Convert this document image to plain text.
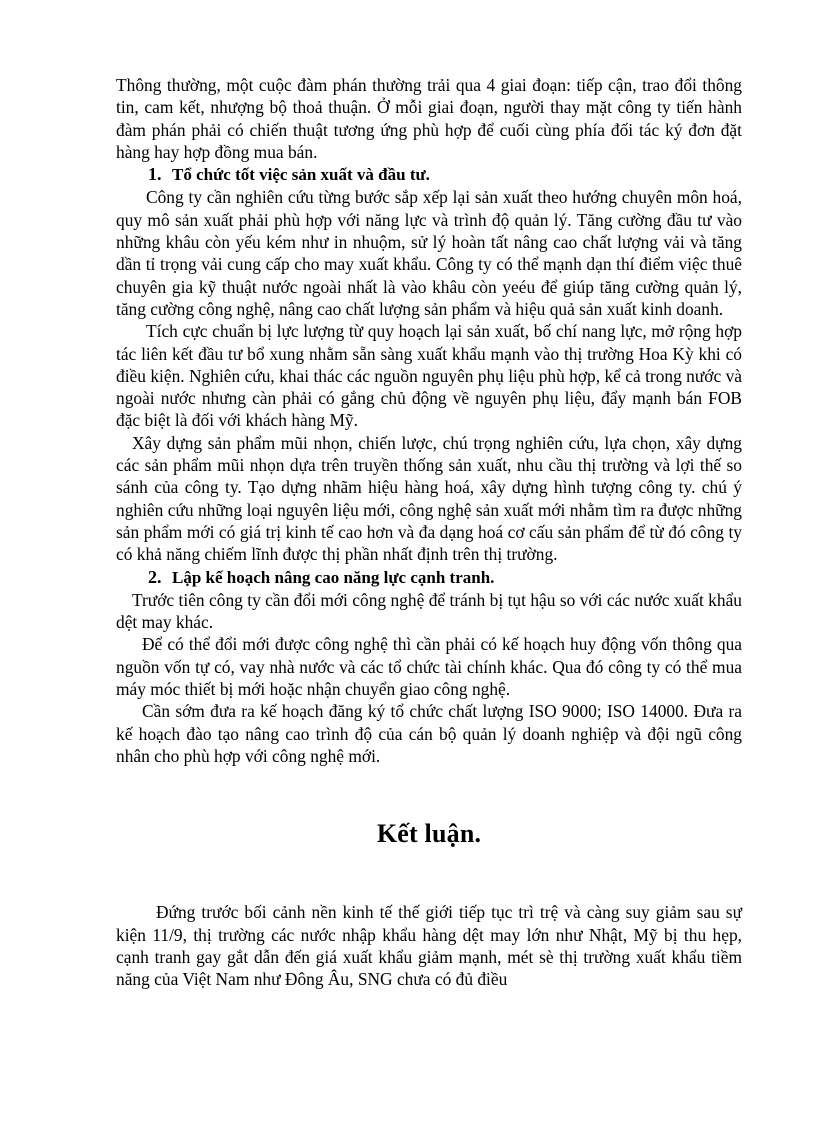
Thông thường, một cuộc đàm phán thường trải qua 4 giai đoạn: tiếp cận, trao đổi thông tin, cam kết, nhượng bộ thoả thuận. Ở mỗi giai đoạn, người thay mặt công ty tiến hành đàm phán phải có chiến thuật tương ứng phù hợp để cuối cùng phía đối tác ký đơn đặt hàng hay hợp đồng mua bán.

1. Tổ chức tốt việc sản xuất và đầu tư.

Công ty cần nghiên cứu từng bước sắp xếp lại sản xuất theo hướng chuyên môn hoá, quy mô sản xuất phải phù hợp với năng lực và trình độ quản lý. Tăng cường đầu tư vào những khâu còn yếu kém như in nhuộm, sử lý hoàn tất nâng cao chất lượng vải và tăng dần tỉ trọng vải cung cấp cho may xuất khẩu. Công ty có thể mạnh dạn thí điểm việc thuê chuyên gia kỹ thuật nước ngoài nhất là vào khâu còn yeéu để giúp tăng cường quản lý, tăng cường công nghệ, nâng cao chất lượng sản phẩm và hiệu quả sản xuất kinh doanh.

Tích cực chuẩn bị lực lượng từ quy hoạch lại sản xuất, bố chí nang lực, mở rộng hợp tác liên kết đầu tư bổ xung nhằm sẵn sàng xuất khẩu mạnh vào thị trường Hoa Kỳ khi có điều kiện. Nghiên cứu, khai thác các nguồn nguyên phụ liệu phù hợp, kể cả trong nước và ngoài nước nhưng càn phải có gắng chủ động về nguyên phụ liệu, đẩy mạnh bán FOB đặc biệt là đối với khách hàng Mỹ.

Xây dựng sản phẩm mũi nhọn, chiến lược, chú trọng nghiên cứu, lựa chọn, xây dựng các sản phẩm mũi nhọn dựa trên truyền thống sản xuất, nhu cầu thị trường và lợi thế so sánh của công ty. Tạo dựng nhãm hiệu hàng hoá, xây dựng hình tượng công ty. chú ý nghiên cứu những loại nguyên liệu mới, công nghệ sản xuất mới nhằm tìm ra được những sản phẩm mới có giá trị kinh tế cao hơn và đa dạng hoá cơ cấu sản phẩm để từ đó công ty có khả năng chiếm lĩnh được thị phần nhất định trên thị trường.

2. Lập kế hoạch nâng cao năng lực cạnh tranh.

Trước tiên công ty cần đổi mới công nghệ để tránh bị tụt hậu so với các nước xuất khẩu dệt may khác.

Để có thể đổi mới được công nghệ thì cần phải có kế hoạch huy động vốn thông qua nguồn vốn tự có, vay nhà nước và các tổ chức tài chính khác. Qua đó công ty có thể mua máy móc thiết bị mới hoặc nhận chuyển giao công nghệ.

Cần sớm đưa ra kế hoạch đăng ký tổ chức chất lượng ISO 9000; ISO 14000. Đưa ra kế hoạch đào tạo nâng cao trình độ của cán bộ quản lý doanh nghiệp và đội ngũ công nhân cho phù hợp với công nghệ mới.

Kết luận.

Đứng trước bối cảnh nền kinh tế thế giới tiếp tục trì trệ và càng suy giảm sau sự kiện 11/9, thị trường các nước nhập khẩu hàng dệt may lớn như Nhật, Mỹ bị thu hẹp, cạnh tranh gay gắt dẫn đến giá xuất khẩu giảm mạnh, mét sè thị trường xuất khẩu tiềm năng của Việt Nam như Đông Âu, SNG chưa có đủ điều
